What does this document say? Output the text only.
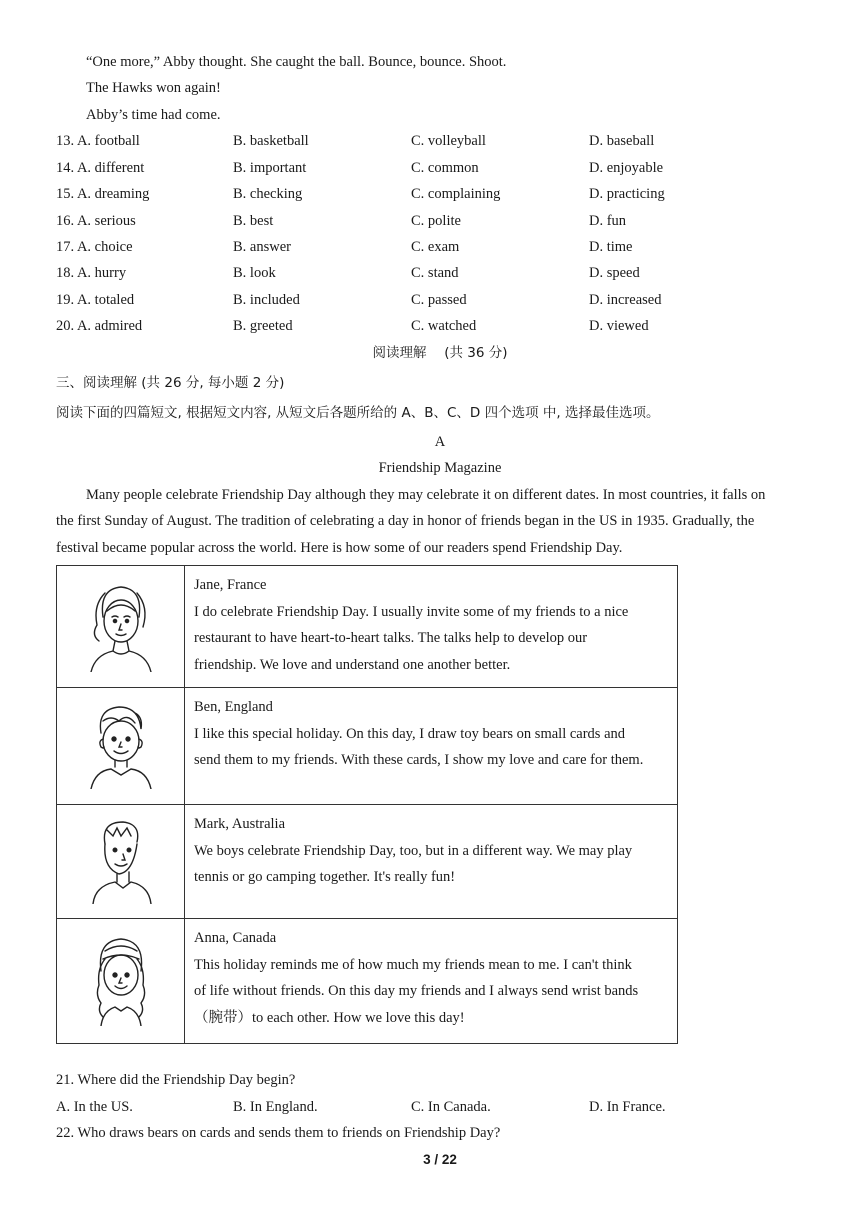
“One more,” Abby thought. She caught the ball. Bounce, bounce. Shoot.
The Hawks won again!
Abby’s time had come.
13. A. football	B. basketball	C. volleyball	D. baseball
14. A. different	B. important	C. common	D. enjoyable
15. A. dreaming	B. checking	C. complaining	D. practicing
16. A. serious	B. best	C. polite	D. fun
17. A. choice	B. answer	C. exam	D. time
18. A. hurry	B. look	C. stand	D. speed
19. A. totaled	B. included	C. passed	D. increased
20. A. admired	B. greeted	C. watched	D. viewed
阅读理解　 (共 36 分)
三、阅读理解 (共 26 分, 每小题 2 分)
阅读下面的四篇短文, 根据短文内容, 从短文后各题所给的 A、B、C、D 四个选项 中, 选择最佳选项。
A
Friendship Magazine
Many people celebrate Friendship Day although they may celebrate it on different dates. In most countries, it falls on
the first Sunday of August. The tradition of celebrating a day in honor of friends began in the US in 1935. Gradually, the
festival became popular across the world. Here is how some of our readers spend Friendship Day.

Jane, France
I do celebrate Friendship Day. I usually invite some of my friends to a nice
restaurant to have heart-to-heart talks. The talks help to develop our
friendship. We love and understand one another better.

Ben, England
I like this special holiday. On this day, I draw toy bears on small cards and
send them to my friends. With these cards, I show my love and care for them.

Mark, Australia
We boys celebrate Friendship Day, too, but in a different way. We may play
tennis or go camping together. It's really fun!

Anna, Canada
This holiday reminds me of how much my friends mean to me. I can't think
of life without friends. On this day my friends and I always send wrist bands
（腕带）to each other. How we love this day!
21. Where did the Friendship Day begin?
A. In the US.	B. In England.	C. In Canada.	D. In France.
22. Who draws bears on cards and sends them to friends on Friendship Day?
3 / 22
